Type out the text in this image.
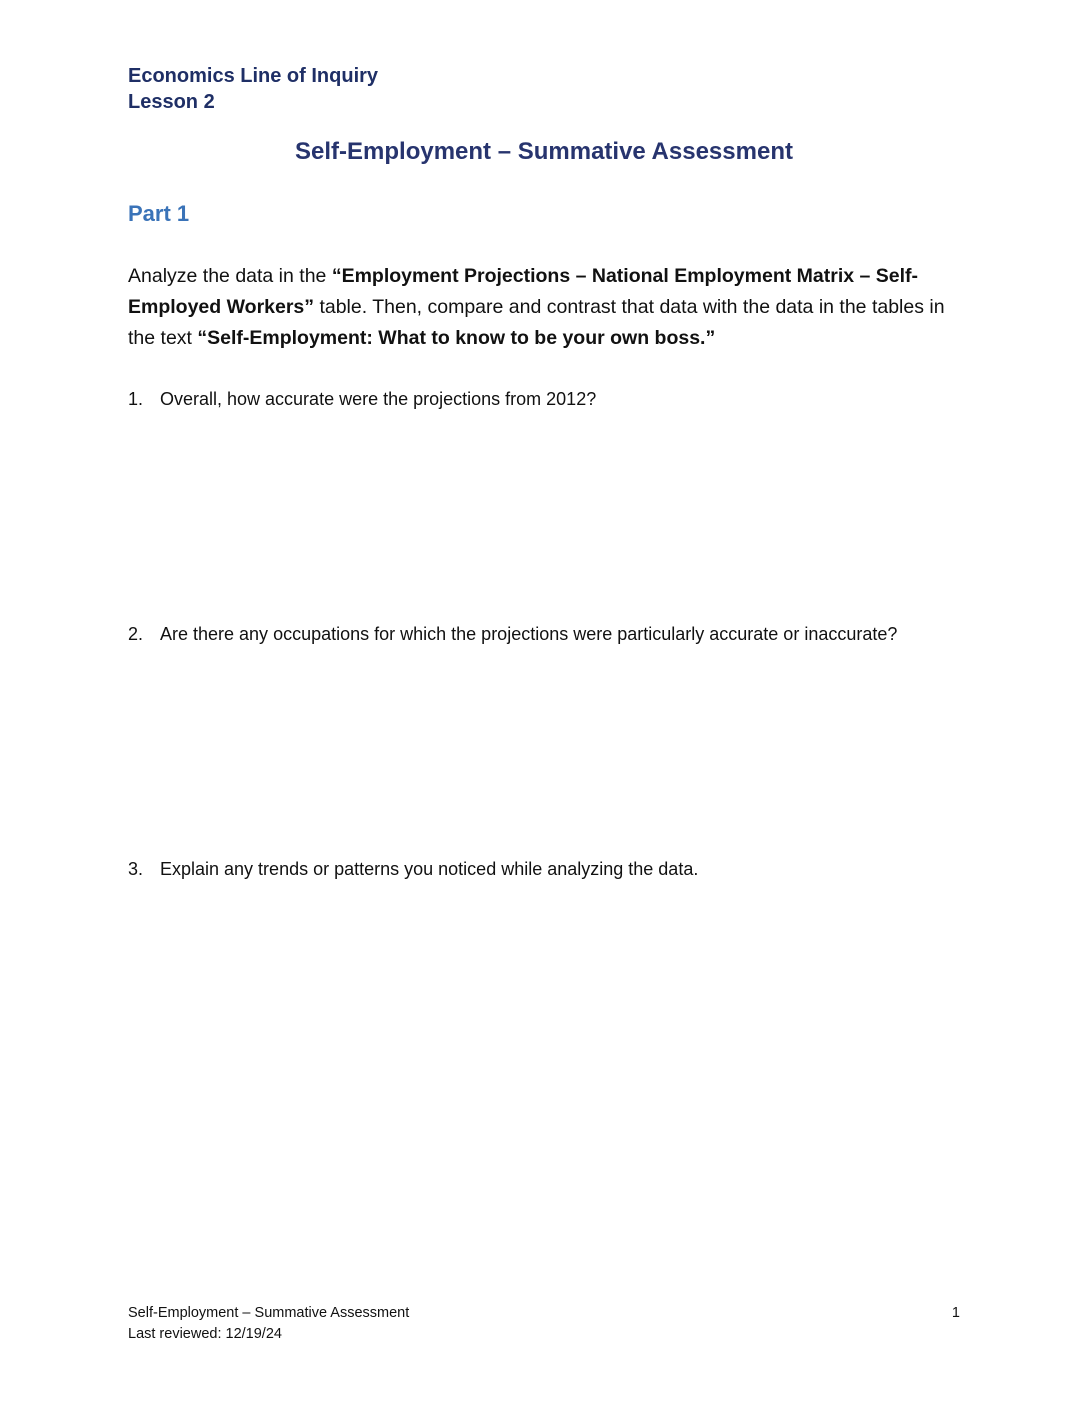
Economics Line of Inquiry
Lesson 2
Self-Employment – Summative Assessment
Part 1
Analyze the data in the “Employment Projections – National Employment Matrix – Self-Employed Workers” table. Then, compare and contrast that data with the data in the tables in the text “Self-Employment: What to know to be your own boss.”
1. Overall, how accurate were the projections from 2012?
2. Are there any occupations for which the projections were particularly accurate or inaccurate?
3. Explain any trends or patterns you noticed while analyzing the data.
Self-Employment – Summative Assessment
Last reviewed: 12/19/24
1
